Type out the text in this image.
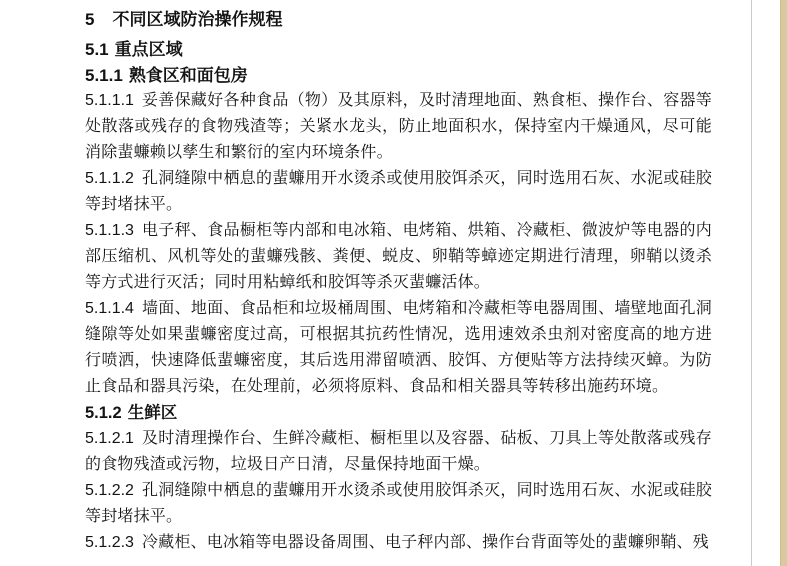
5 不同区域防治操作规程

5.1 重点区域

5.1.1 熟食区和面包房

5.1.1.1 妥善保藏好各种食品（物）及其原料，及时清理地面、熟食柜、操作台、容器等处散落或残存的食物残渣等；关紧水龙头，防止地面积水，保持室内干燥通风，尽可能消除蜚蠊赖以孳生和繁衍的室内环境条件。

5.1.1.2 孔洞缝隙中栖息的蜚蠊用开水烫杀或使用胶饵杀灭，同时选用石灰、水泥或硅胶等封堵抹平。

5.1.1.3 电子秤、食品橱柜等内部和电冰箱、电烤箱、烘箱、冷藏柜、微波炉等电器的内部压缩机、风机等处的蜚蠊残骸、粪便、蜕皮、卵鞘等蟑迹定期进行清理，卵鞘以烫杀等方式进行灭活；同时用粘蟑纸和胶饵等杀灭蜚蠊活体。

5.1.1.4 墙面、地面、食品柜和垃圾桶周围、电烤箱和冷藏柜等电器周围、墙壁地面孔洞缝隙等处如果蜚蠊密度过高，可根据其抗药性情况，选用速效杀虫剂对密度高的地方进行喷洒，快速降低蜚蠊密度，其后选用滞留喷洒、胶饵、方便贴等方法持续灭蟑。为防止食品和器具污染，在处理前，必须将原料、食品和相关器具等转移出施药环境。

5.1.2 生鲜区

5.1.2.1 及时清理操作台、生鲜冷藏柜、橱柜里以及容器、砧板、刀具上等处散落或残存的食物残渣或污物，垃圾日产日清，尽量保持地面干燥。

5.1.2.2 孔洞缝隙中栖息的蜚蠊用开水烫杀或使用胶饵杀灭，同时选用石灰、水泥或硅胶等封堵抹平。

5.1.2.3 冷藏柜、电冰箱等电器设备周围、电子秤内部、操作台背面等处的蜚蠊卵鞘、残
